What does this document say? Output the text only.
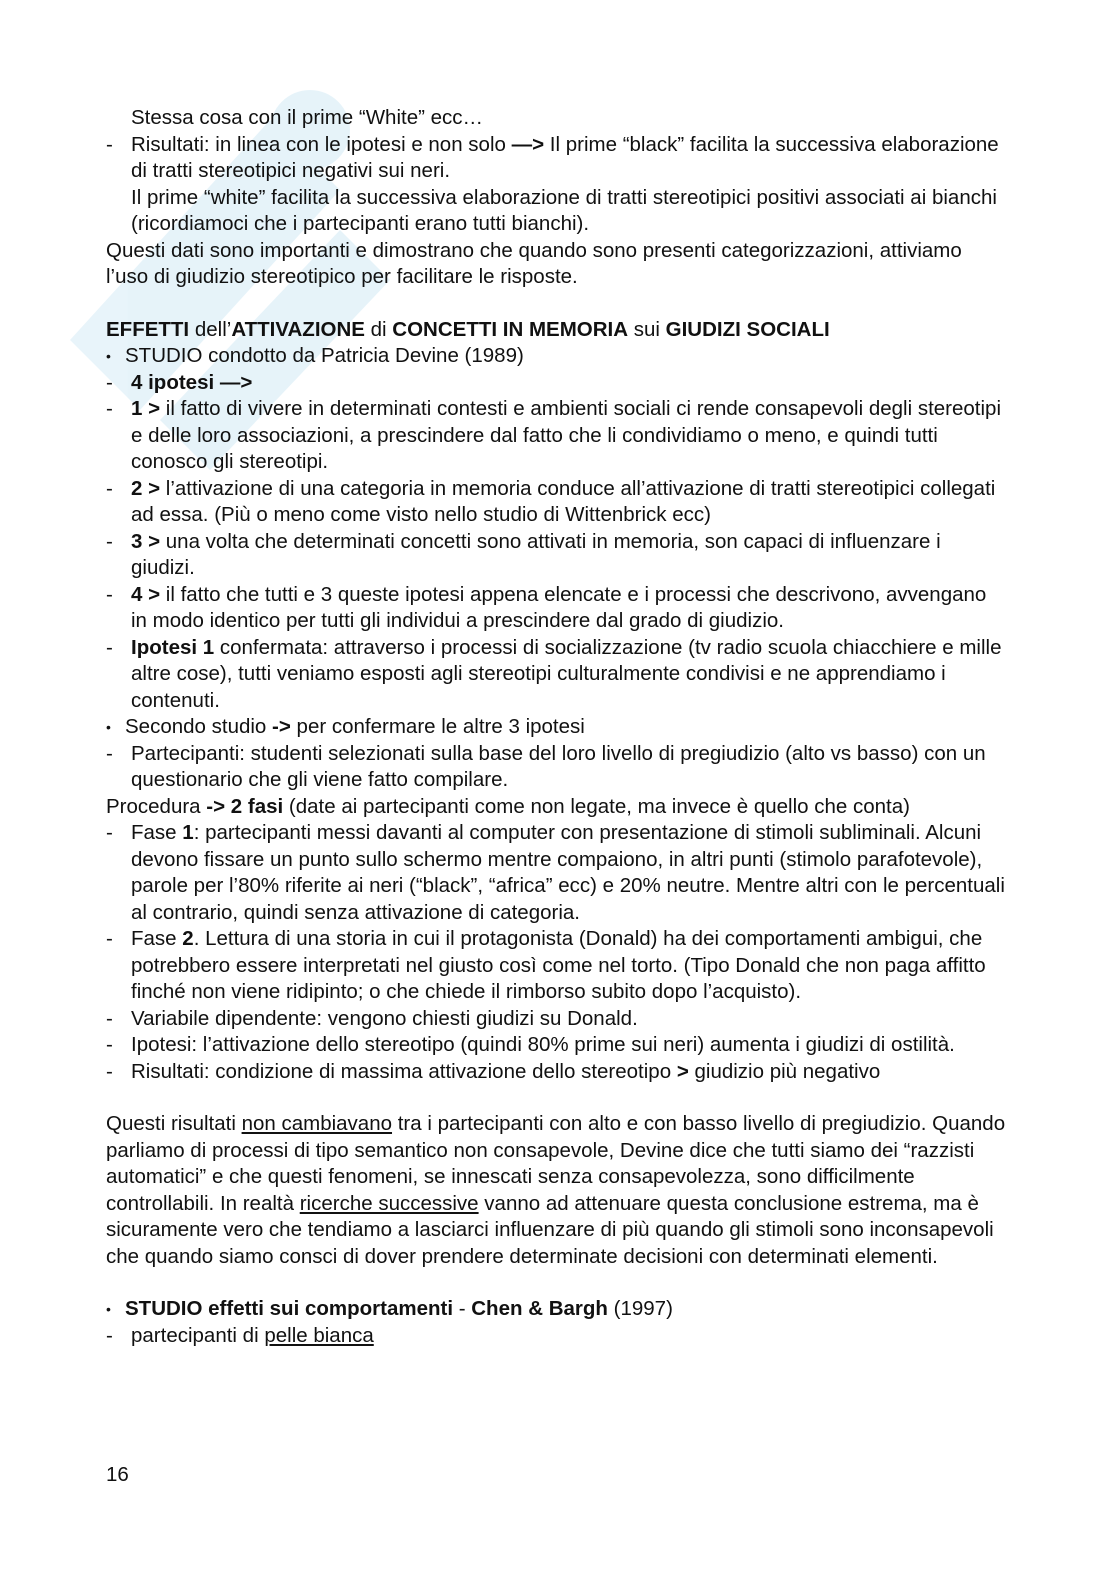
Stessa cosa con il prime “White” ecc…
- Risultati: in linea con le ipotesi e non solo —> Il prime “black” facilita la successiva elaborazione di tratti stereotipici negativi sui neri.
Il prime “white” facilita la successiva elaborazione di tratti stereotipici positivi associati ai bianchi (ricordiamoci che i partecipanti erano tutti bianchi).
Questi dati sono importanti e dimostrano che quando sono presenti categorizzazioni, attiviamo l’uso di giudizio stereotipico per facilitare le risposte.
EFFETTI dell’ATTIVAZIONE di CONCETTI IN MEMORIA sui GIUDIZI SOCIALI
• STUDIO condotto da Patricia Devine (1989)
- 4 ipotesi —>
- 1 > il fatto di vivere in determinati contesti e ambienti sociali ci rende consapevoli degli stereotipi e delle loro associazioni, a prescindere dal fatto che li condividiamo o meno, e quindi tutti conosco gli stereotipi.
- 2 > l’attivazione di una categoria in memoria conduce all’attivazione di tratti stereotipici collegati ad essa. (Più o meno come visto nello studio di Wittenbrick ecc)
- 3 > una volta che determinati concetti sono attivati in memoria, son capaci di influenzare i giudizi.
- 4 > il fatto che tutti e 3 queste ipotesi appena elencate e i processi che descrivono, avvengano in modo identico per tutti gli individui a prescindere dal grado di giudizio.
- Ipotesi 1 confermata: attraverso i processi di socializzazione (tv radio scuola chiacchiere e mille altre cose), tutti veniamo esposti agli stereotipi culturalmente condivisi e ne apprendiamo i contenuti.
• Secondo studio -> per confermare le altre 3 ipotesi
- Partecipanti: studenti selezionati sulla base del loro livello di pregiudizio (alto vs basso) con un questionario che gli viene fatto compilare.
Procedura -> 2 fasi (date ai partecipanti come non legate, ma invece è quello che conta)
- Fase 1: partecipanti messi davanti al computer con presentazione di stimoli subliminali. Alcuni devono fissare un punto sullo schermo mentre compaiono, in altri punti (stimolo parafotevole), parole per l’80% riferite ai neri (“black”, “africa” ecc) e 20% neutre. Mentre altri con le percentuali al contrario, quindi senza attivazione di categoria.
- Fase 2. Lettura di una storia in cui il protagonista (Donald) ha dei comportamenti ambigui, che potrebbero essere interpretati nel giusto così come nel torto. (Tipo Donald che non paga affitto finché non viene ridipinto; o che chiede il rimborso subito dopo l’acquisto).
- Variabile dipendente: vengono chiesti giudizi su Donald.
- Ipotesi: l’attivazione dello stereotipo (quindi 80% prime sui neri) aumenta i giudizi di ostilità.
- Risultati: condizione di massima attivazione dello stereotipo > giudizio più negativo
Questi risultati non cambiavano tra i partecipanti con alto e con basso livello di pregiudizio. Quando parliamo di processi di tipo semantico non consapevole, Devine dice che tutti siamo dei “razzisti automatici” e che questi fenomeni, se innescati senza consapevolezza, sono difficilmente controllabili. In realtà ricerche successive vanno ad attenuare questa conclusione estrema, ma è sicuramente vero che tendiamo a lasciarci influenzare di più quando gli stimoli sono inconsapevoli che quando siamo consci di dover prendere determinate decisioni con determinati elementi.
• STUDIO effetti sui comportamenti - Chen & Bargh (1997)
- partecipanti di pelle bianca
16
